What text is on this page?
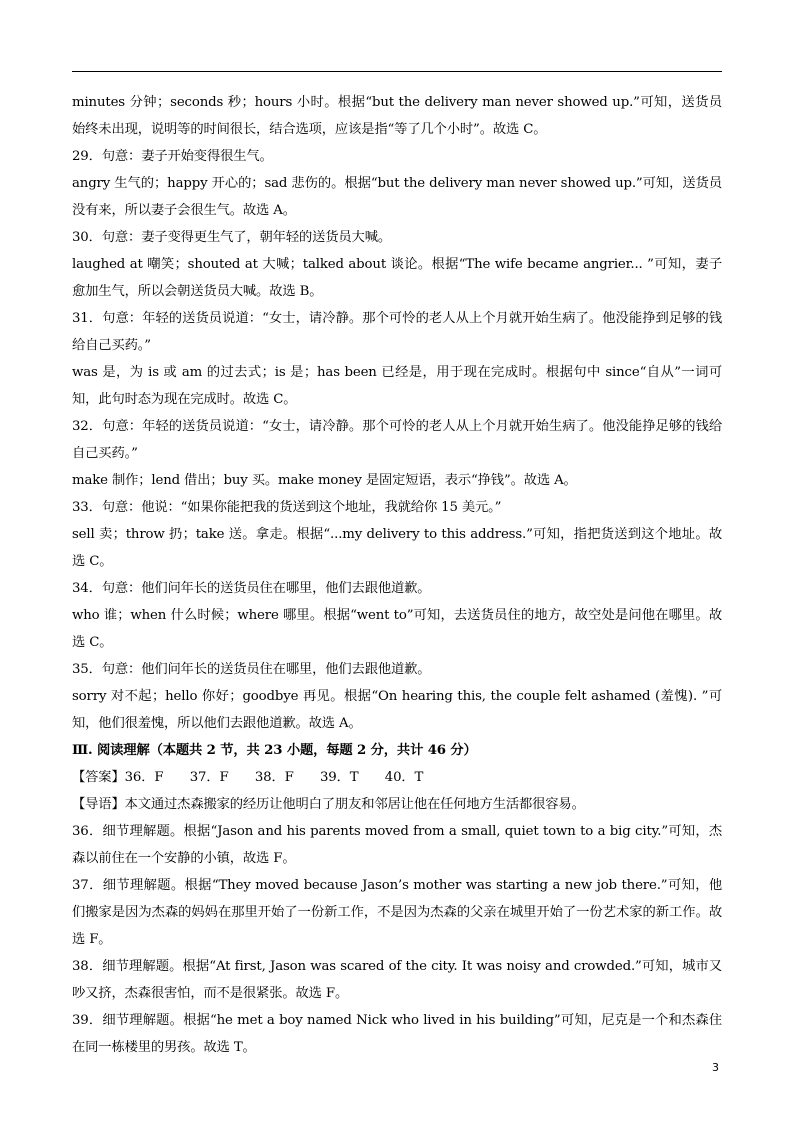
minutes 分钟；seconds 秒；hours 小时。根据“but the delivery man never showed up.”可知，送货员始终未出现，说明等的时间很长，结合选项，应该是指“等了几个小时”。故选 C。

29．句意：妻子开始变得很生气。

angry 生气的；happy 开心的；sad 悲伤的。根据“but the delivery man never showed up.”可知，送货员没有来，所以妻子会很生气。故选 A。

30．句意：妻子变得更生气了，朝年轻的送货员大喊。

laughed at 嘲笑；shouted at 大喊；talked about 谈论。根据“The wife became angrier... ”可知，妻子愈加生气，所以会朝送货员大喊。故选 B。

31．句意：年轻的送货员说道：“女士，请冷静。那个可怜的老人从上个月就开始生病了。他没能挣到足够的钱给自己买药。”

was 是，为 is 或 am 的过去式；is 是；has been 已经是，用于现在完成时。根据句中 since“自从”一词可知，此句时态为现在完成时。故选 C。

32．句意：年轻的送货员说道：“女士，请冷静。那个可怜的老人从上个月就开始生病了。他没能挣足够的钱给自己买药。”

make 制作；lend 借出；buy 买。make money 是固定短语，表示“挣钱”。故选 A。

33．句意：他说：“如果你能把我的货送到这个地址，我就给你 15 美元。”

sell 卖；throw 扔；take 送。拿走。根据“...my delivery to this address.”可知，指把货送到这个地址。故选 C。

34．句意：他们问年长的送货员住在哪里，他们去跟他道歉。

who 谁；when 什么时候；where 哪里。根据“went to”可知，去送货员住的地方，故空处是问他在哪里。故选 C。

35．句意：他们问年长的送货员住在哪里，他们去跟他道歉。

sorry 对不起；hello 你好；goodbye 再见。根据“On hearing this, the couple felt ashamed (羞愧). ”可知，他们很羞愧，所以他们去跟他道歉。故选 A。

Ⅲ. 阅读理解（本题共 2 节，共 23 小题，每题 2 分，共计 46 分）

【答案】36．F　　37．F　　38．F　　39．T　　40．T

【导语】本文通过杰森搬家的经历让他明白了朋友和邻居让他在任何地方生活都很容易。

36．细节理解题。根据“Jason and his parents moved from a small, quiet town to a big city.”可知，杰森以前住在一个安静的小镇，故选 F。

37．细节理解题。根据“They moved because Jason’s mother was starting a new job there.”可知，他们搬家是因为杰森的妈妈在那里开始了一份新工作，不是因为杰森的父亲在城里开始了一份艺术家的新工作。故选 F。

38．细节理解题。根据“At first, Jason was scared of the city. It was noisy and crowded.”可知，城市又吵又挤，杰森很害怕，而不是很紧张。故选 F。

39．细节理解题。根据“he met a boy named Nick who lived in his building”可知，尼克是一个和杰森住在同一栋楼里的男孩。故选 T。

3
